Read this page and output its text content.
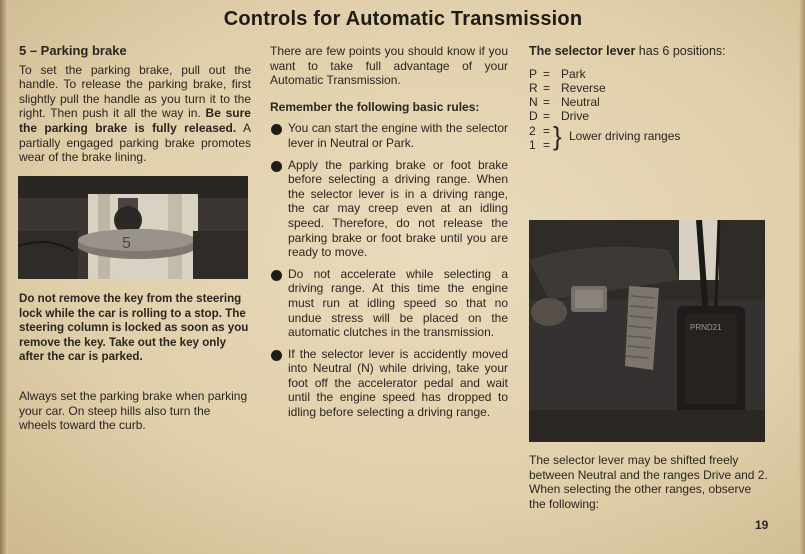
Controls for Automatic Transmission
5 – Parking brake

To set the parking brake, pull out the handle. To release the parking brake, first slightly pull the handle as you turn it to the right. Then push it all the way in. Be sure the parking brake is fully released. A partially engaged parking brake promotes wear of the brake lining.

5
Do not remove the key from the steering lock while the car is rolling to a stop. The steering column is locked as soon as you remove the key. Take out the key only after the car is parked.
Always set the parking brake when parking your car. On steep hills also turn the wheels toward the curb.

There are few points you should know if you want to take full advantage of your Automatic Transmission.

Remember the following basic rules:

You can start the engine with the selector lever in Neutral or Park.

Apply the parking brake or foot brake before selecting a driving range. When the selector lever is in a driving range, the car may creep even at an idling speed. Therefore, do not release the parking brake or foot brake until you are ready to move.

Do not accelerate while selecting a driving range. At this time the engine must run at idling speed so that no undue stress will be placed on the automatic clutches in the transmission.

If the selector lever is accidently moved into Neutral (N) while driving, take your foot off the accelerator pedal and wait until the engine speed has dropped to idling before selecting a driving range.

The selector lever has 6 positions:
P = Park
R = Reverse
N = Neutral
D = Drive
2 =
1 = } Lower driving ranges
PRND21
The selector lever may be shifted freely between Neutral and the ranges Drive and 2. When selecting the other ranges, observe the following:
19
